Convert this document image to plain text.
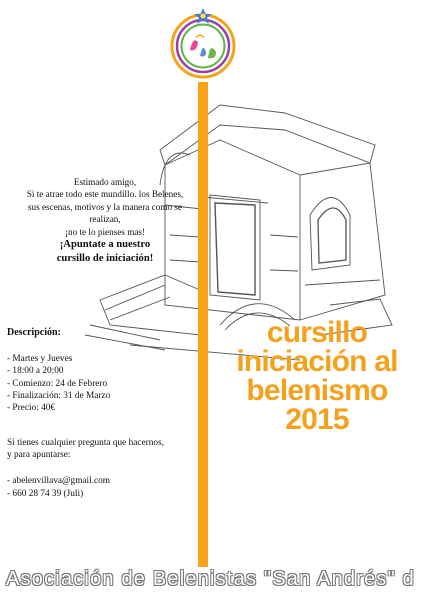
Estimado amigo,
Si te atrae todo este mundillo. los Belenes,
sus escenas, motivos y la manera como se
realizan,
¡no te lo pienses mas!
¡Apuntate a nuestro
cursillo de iniciación!
Descripción:
- Martes y Jueves
- 18:00 a 20:00
- Comienzo: 24 de Febrero
- Finalización: 31 de Marzo
- Precio: 40€
Si tienes cualquier pregunta que hacernos,
y para apuntarse:
- abelenvillava@gmail.com
- 660 28 74 39 (Juli)
cursillo
iniciación al
belenismo
2015
Asociación de Belenistas "San Andrés" d
